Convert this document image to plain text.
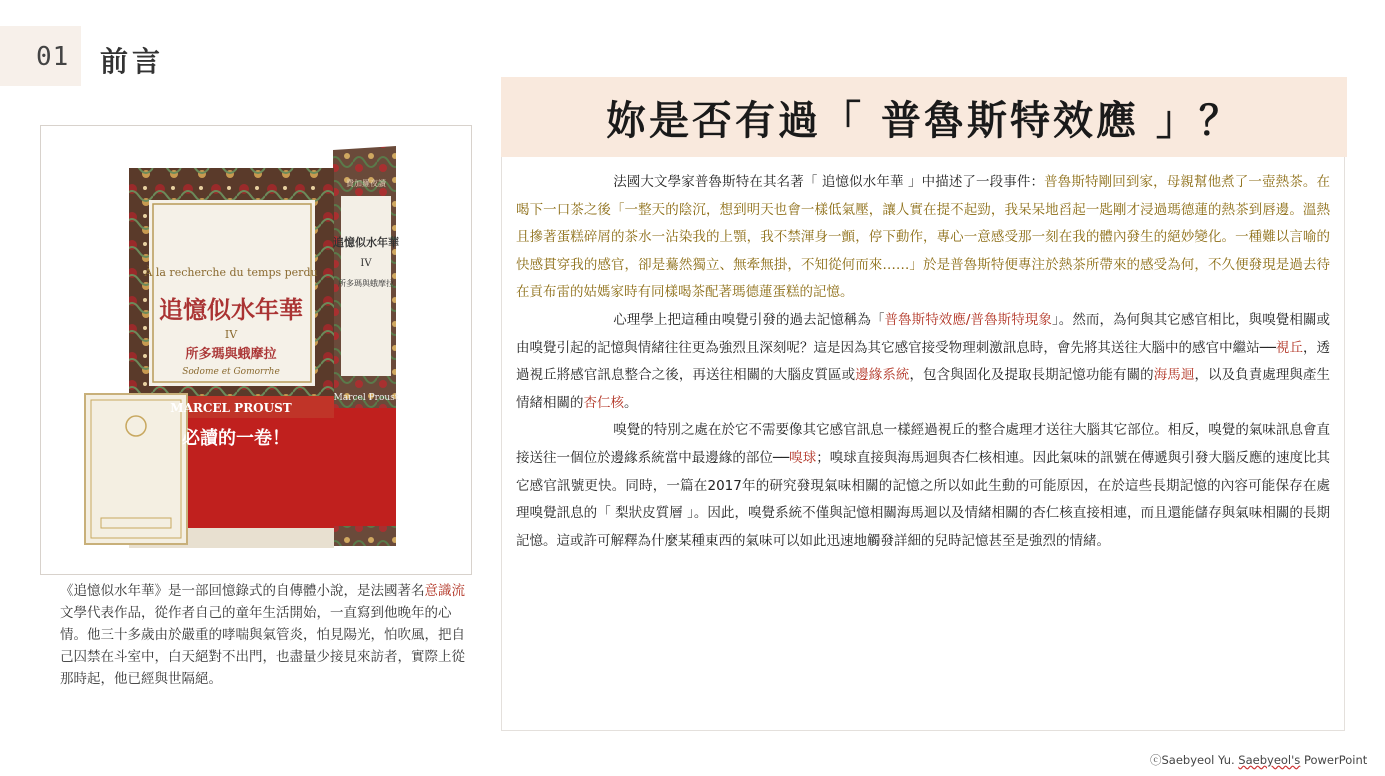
01 前言
À la recherche du temps perdu
追憶似水年華
IV
所多瑪與蛾摩拉
Sodome et Gomorrhe
MARCEL PROUST
必讀的一卷！
費加羅夜讀
追憶似水年華
IV
所多瑪與蛾摩拉
Marcel Proust
《追憶似水年華》是一部回憶錄式的自傳體小說，是法國著名意識流文學代表作品，從作者自己的童年生活開始，一直寫到他晚年的心情。他三十多歲由於嚴重的哮喘與氣管炎，怕見陽光，怕吹風，把自己囚禁在斗室中，白天絕對不出門，也盡量少接見來訪者，實際上從那時起，他已經與世隔絕。
妳是否有過「 普魯斯特效應 」？

法國大文學家普魯斯特在其名著「 追憶似水年華 」中描述了一段事件：普魯斯特剛回到家，母親幫他煮了一壺熱茶。在喝下一口茶之後「一整天的陰沉，想到明天也會一樣低氣壓，讓人實在提不起勁，我呆呆地舀起一匙剛才浸過瑪德蓮的熱茶到唇邊。溫熱且摻著蛋糕碎屑的茶水一沾染我的上顎，我不禁渾身一顫，停下動作，專心一意感受那一刻在我的體內發生的絕妙變化。一種難以言喻的快感貫穿我的感官，卻是驀然獨立、無牽無掛，不知從何而來……」於是普魯斯特便專注於熱茶所帶來的感受為何，不久便發現是過去待在貢布雷的姑媽家時有同樣喝茶配著瑪德蓮蛋糕的記憶。

心理學上把這種由嗅覺引發的過去記憶稱為「普魯斯特效應/普魯斯特現象」。然而，為何與其它感官相比，與嗅覺相關或由嗅覺引起的記憶與情緒往往更為強烈且深刻呢？這是因為其它感官接受物理刺激訊息時，會先將其送往大腦中的感官中繼站──視丘，透過視丘將感官訊息整合之後，再送往相關的大腦皮質區或邊緣系統，包含與固化及提取長期記憶功能有關的海馬迴，以及負責處理與產生情緒相關的杏仁核。

嗅覺的特別之處在於它不需要像其它感官訊息一樣經過視丘的整合處理才送往大腦其它部位。相反，嗅覺的氣味訊息會直接送往一個位於邊緣系統當中最邊緣的部位──嗅球；嗅球直接與海馬迴與杏仁核相連。因此氣味的訊號在傳遞與引發大腦反應的速度比其它感官訊號更快。同時，一篇在2017年的研究發現氣味相關的記憶之所以如此生動的可能原因，在於這些長期記憶的內容可能保存在處理嗅覺訊息的「 梨狀皮質層 」。因此，嗅覺系統不僅與記憶相關海馬迴以及情緒相關的杏仁核直接相連，而且還能儲存與氣味相關的長期記憶。這或許可解釋為什麼某種東西的氣味可以如此迅速地觸發詳細的兒時記憶甚至是強烈的情緒。

ⓒSaebyeol Yu. Saebyeol's PowerPoint
